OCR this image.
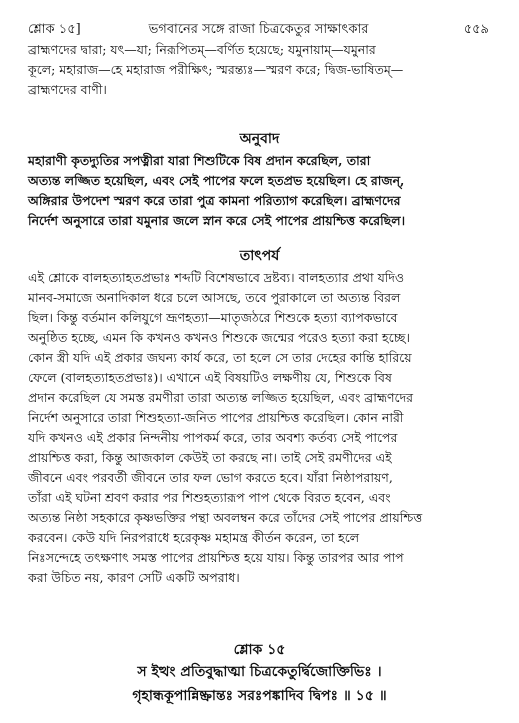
শ্লোক ১৫]	ভগবানের সঙ্গে রাজা চিত্রকেতুর সাক্ষাৎকার	৫৫৯

ব্রাহ্মণদের দ্বারা; যৎ—যা; নিরূপিতম্—বর্ণিত হয়েছে; যমুনায়াম্—যমুনার

কূলে; মহারাজ—হে মহারাজ পরীক্ষিৎ; স্মরন্ত্যঃ—স্মরণ করে; দ্বিজ-ভাষিতম্—

ব্রাহ্মণদের বাণী।

অনুবাদ

মহারাণী কৃতদ্যুতির সপত্নীরা যারা শিশুটিকে বিষ প্রদান করেছিল, তারা

অত্যন্ত লজ্জিত হয়েছিল, এবং সেই পাপের ফলে হতপ্রভ হয়েছিল। হে রাজন্,

অঙ্গিরার উপদেশ স্মরণ করে তারা পুত্র কামনা পরিত্যাগ করেছিল। ব্রাহ্মণদের

নির্দেশ অনুসারে তারা যমুনার জলে স্নান করে সেই পাপের প্রায়শ্চিত্ত করেছিল।

তাৎপর্য

এই শ্লোকে বালহত্যাহতপ্রভাঃ শব্দটি বিশেষভাবে দ্রষ্টব্য। বালহত্যার প্রথা যদিও

মানব-সমাজে অনাদিকাল ধরে চলে আসছে, তবে পুরাকালে তা অত্যন্ত বিরল

ছিল। কিন্তু বর্তমান কলিযুগে ভ্রূণহত্যা—মাতৃজঠরে শিশুকে হত্যা ব্যাপকভাবে

অনুষ্ঠিত হচ্ছে, এমন কি কখনও কখনও শিশুকে জন্মের পরেও হত্যা করা হচ্ছে।

কোন স্ত্রী যদি এই প্রকার জঘন্য কার্য করে, তা হলে সে তার দেহের কান্তি হারিয়ে

ফেলে (বালহত্যাহতপ্রভাঃ)। এখানে এই বিষয়টিও লক্ষণীয় যে, শিশুকে বিষ

প্রদান করেছিল যে সমস্ত রমণীরা তারা অত্যন্ত লজ্জিত হয়েছিল, এবং ব্রাহ্মণদের

নির্দেশ অনুসারে তারা শিশুহত্যা-জনিত পাপের প্রায়শ্চিত্ত করেছিল। কোন নারী

যদি কখনও এই প্রকার নিন্দনীয় পাপকর্ম করে, তার অবশ্য কর্তব্য সেই পাপের

প্রায়শ্চিত্ত করা, কিন্তু আজকাল কেউই তা করছে না। তাই সেই রমণীদের এই

জীবনে এবং পরবর্তী জীবনে তার ফল ভোগ করতে হবে। যাঁরা নিষ্ঠাপরায়ণ,

তাঁরা এই ঘটনা শ্রবণ করার পর শিশুহত্যারূপ পাপ থেকে বিরত হবেন, এবং

অত্যন্ত নিষ্ঠা সহকারে কৃষ্ণভক্তির পন্থা অবলম্বন করে তাঁদের সেই পাপের প্রায়শ্চিত্ত

করবেন। কেউ যদি নিরপরাধে হরেকৃষ্ণ মহামন্ত্র কীর্তন করেন, তা হলে

নিঃসন্দেহে তৎক্ষণাৎ সমস্ত পাপের প্রায়শ্চিত্ত হয়ে যায়। কিন্তু তারপর আর পাপ

করা উচিত নয়, কারণ সেটি একটি অপরাধ।

শ্লোক ১৫
স ইত্থং প্রতিবুদ্ধাত্মা চিত্রকেতুর্দ্বিজোক্তিভিঃ ।
গৃহান্ধকূপান্নিষ্ক্রান্তঃ সরঃপঙ্কাদিব দ্বিপঃ ॥ ১৫ ॥
